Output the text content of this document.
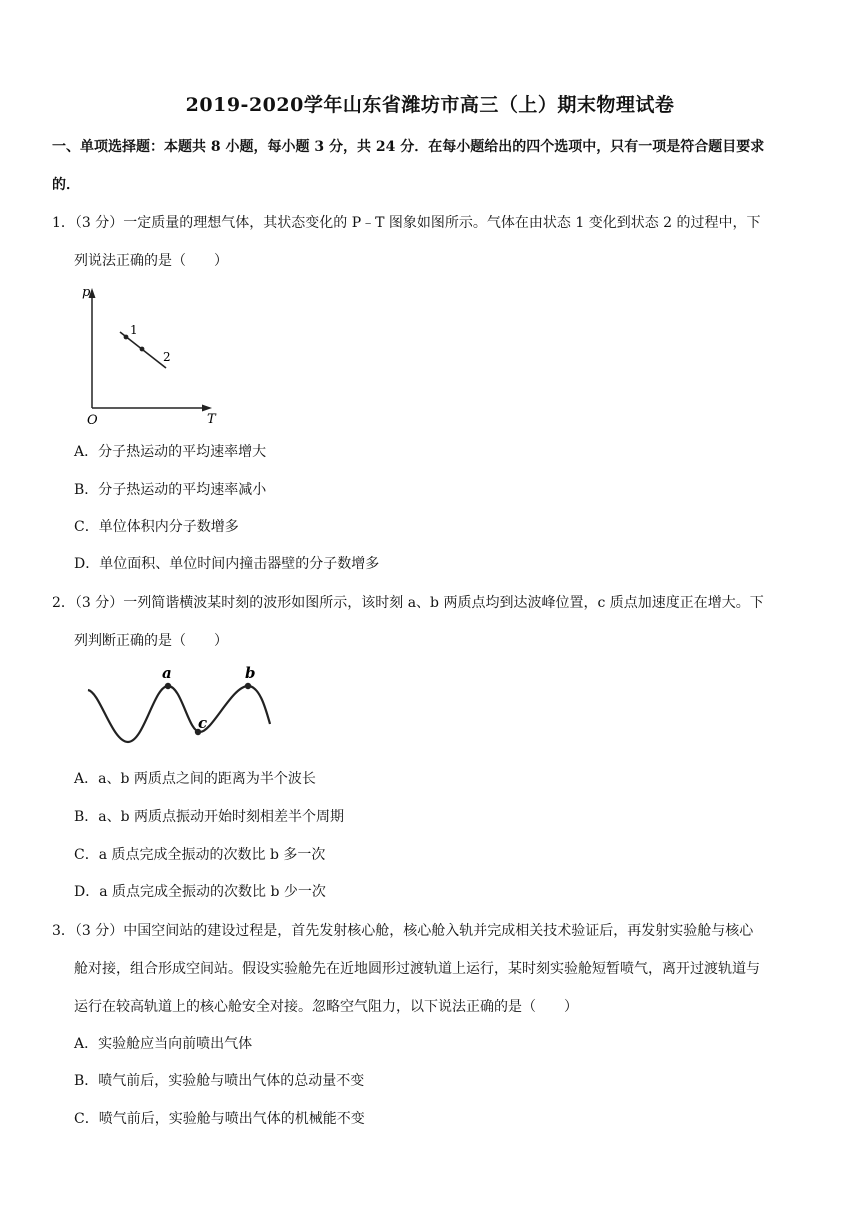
2019-2020学年山东省潍坊市高三（上）期末物理试卷
一、单项选择题：本题共 8 小题，每小题 3 分，共 24 分．在每小题给出的四个选项中，只有一项是符合题目要求
的．
1．（3 分）一定质量的理想气体，其状态变化的 P﹣T 图象如图所示。气体在由状态 1 变化到状态 2 的过程中，下
列说法正确的是（　　）
p
T
O
1
2
A．分子热运动的平均速率增大
B．分子热运动的平均速率减小
C．单位体积内分子数增多
D．单位面积、单位时间内撞击器壁的分子数增多
2．（3 分）一列简谐横波某时刻的波形如图所示，该时刻 a、b 两质点均到达波峰位置，c 质点加速度正在增大。下
列判断正确的是（　　）
a	b
c
A．a、b 两质点之间的距离为半个波长
B．a、b 两质点振动开始时刻相差半个周期
C．a 质点完成全振动的次数比 b 多一次
D．a 质点完成全振动的次数比 b 少一次
3．（3 分）中国空间站的建设过程是，首先发射核心舱，核心舱入轨并完成相关技术验证后，再发射实验舱与核心
舱对接，组合形成空间站。假设实验舱先在近地圆形过渡轨道上运行，某时刻实验舱短暂喷气，离开过渡轨道与
运行在较高轨道上的核心舱安全对接。忽略空气阻力，以下说法正确的是（　　）
A．实验舱应当向前喷出气体
B．喷气前后，实验舱与喷出气体的总动量不变
C．喷气前后，实验舱与喷出气体的机械能不变
